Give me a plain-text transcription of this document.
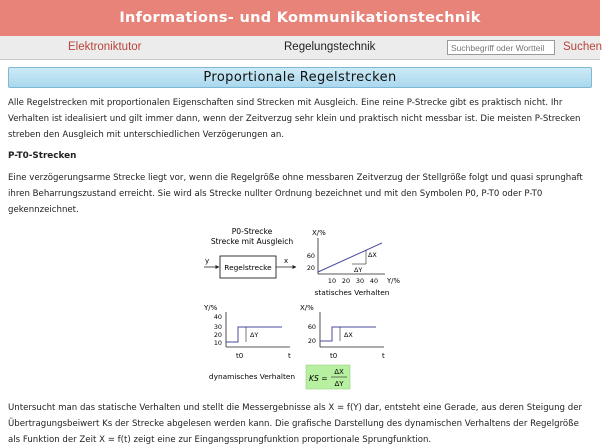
Informations- und Kommunikationstechnik
Elektroniktutor	Regelungstechnik
Suchbegriff oder Wortteil	Suchen
Proportionale Regelstrecken

Alle Regelstrecken mit proportionalen Eigenschaften sind Strecken mit Ausgleich. Eine reine P-Strecke gibt es praktisch nicht. Ihr Verhalten ist idealisiert und gilt immer dann, wenn der Zeitverzug sehr klein und praktisch nicht messbar ist. Die meisten P-Strecken streben den Ausgleich mit unterschiedlichen Verzögerungen an.

P-T0-Strecken

Eine verzögerungsarme Strecke liegt vor, wenn die Regelgröße ohne messbaren Zeitverzug der Stellgröße folgt und quasi sprunghaft ihren Beharrungszustand erreicht. Sie wird als Strecke nullter Ordnung bezeichnet und mit den Symbolen P0, P-T0 oder P-T0 gekennzeichnet.

P0-Strecke
Strecke mit Ausgleich
Regelstrecke
y	x
X/%
60
20
10 20 30 40 Y/%
ΔX
ΔY
statisches Verhalten
Y/%
40
30
20
10
ΔY
t0	t
X/%
60
20
ΔX
t0	t
dynamisches Verhalten KS =
ΔX
ΔY

Untersucht man das statische Verhalten und stellt die Messergebnisse als X = f(Y) dar, entsteht eine Gerade, aus deren Steigung der Übertragungsbeiwert Ks der Strecke abgelesen werden kann. Die grafische Darstellung des dynamischen Verhaltens der Regelgröße als Funktion der Zeit X = f(t) zeigt eine zur Eingangssprungfunktion proportionale Sprungfunktion.
